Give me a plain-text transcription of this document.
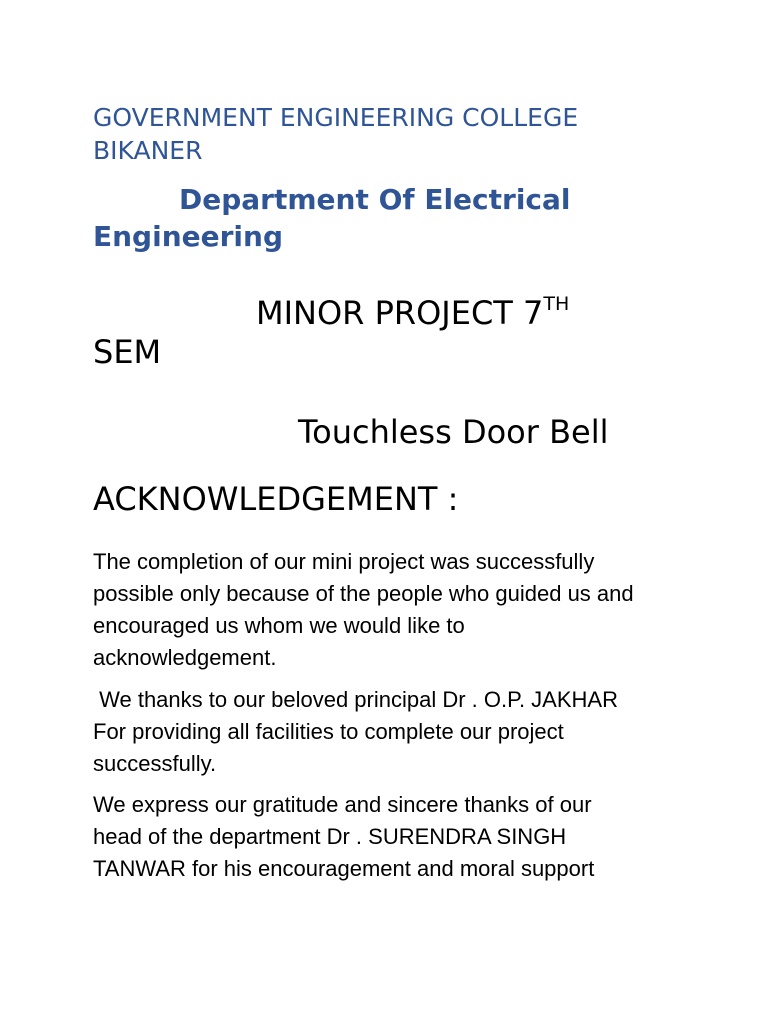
GOVERNMENT ENGINEERING COLLEGE
BIKANER
Department Of Electrical
Engineering
MINOR PROJECT 7TH
SEM
Touchless Door Bell
ACKNOWLEDGEMENT :
The completion of our mini project was successfully
possible only because of the people who guided us and
encouraged us whom we would like to
acknowledgement.
We thanks to our beloved principal Dr . O.P. JAKHAR
For providing all facilities to complete our project
successfully.
We express our gratitude and sincere thanks of our
head of the department Dr . SURENDRA SINGH
TANWAR for his encouragement and moral support
